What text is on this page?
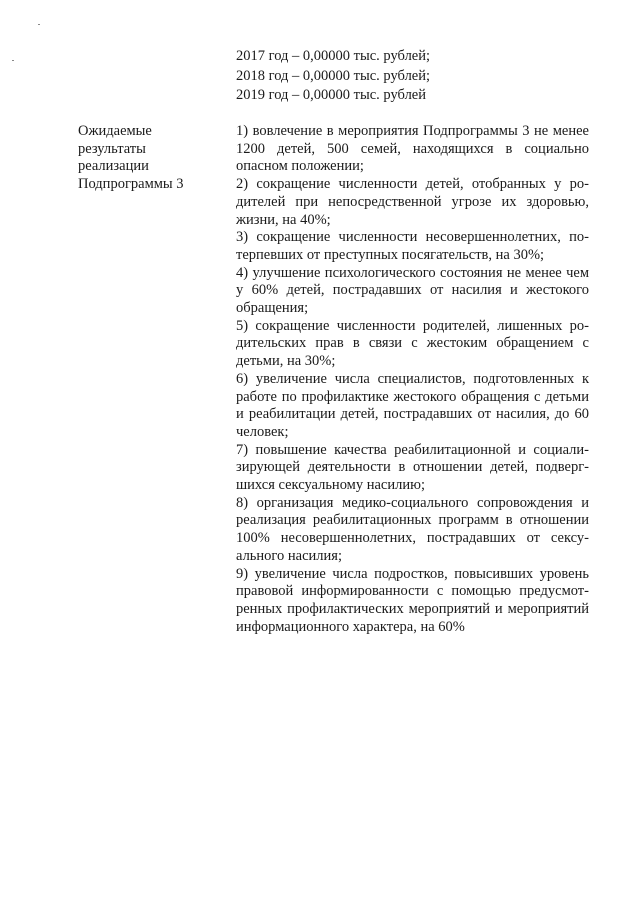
2017 год – 0,00000 тыс. рублей;
2018 год – 0,00000 тыс. рублей;
2019 год – 0,00000 тыс. рублей
Ожидаемые
результаты
реализации
Подпрограммы 3

1) вовлечение в мероприятия Подпрограммы 3 не менее 1200 детей, 500 семей, находящихся в социально опасном положении;

2) сокращение численности детей, отобранных у родителей при непосредственной угрозе их здоровью, жизни, на 40%;

3) сокращение численности несовершеннолетних, потерпевших от преступных посягательств, на 30%;

4) улучшение психологического состояния не менее чем у 60% детей, пострадавших от насилия и жестокого обращения;

5) сокращение численности родителей, лишенных родительских прав в связи с жестоким обращением с детьми, на 30%;

6) увеличение числа специалистов, подготовленных к работе по профилактике жестокого обращения с детьми и реабилитации детей, пострадавших от насилия, до 60 человек;

7) повышение качества реабилитационной и социализирующей деятельности в отношении детей, подвергшихся сексуальному насилию;

8) организация медико-социального сопровождения и реализация реабилитационных программ в отношении 100% несовершеннолетних, пострадавших от сексуального насилия;

9) увеличение числа подростков, повысивших уровень правовой информированности с помощью предусмотренных профилактических мероприятий и мероприятий информационного характера, на 60%
